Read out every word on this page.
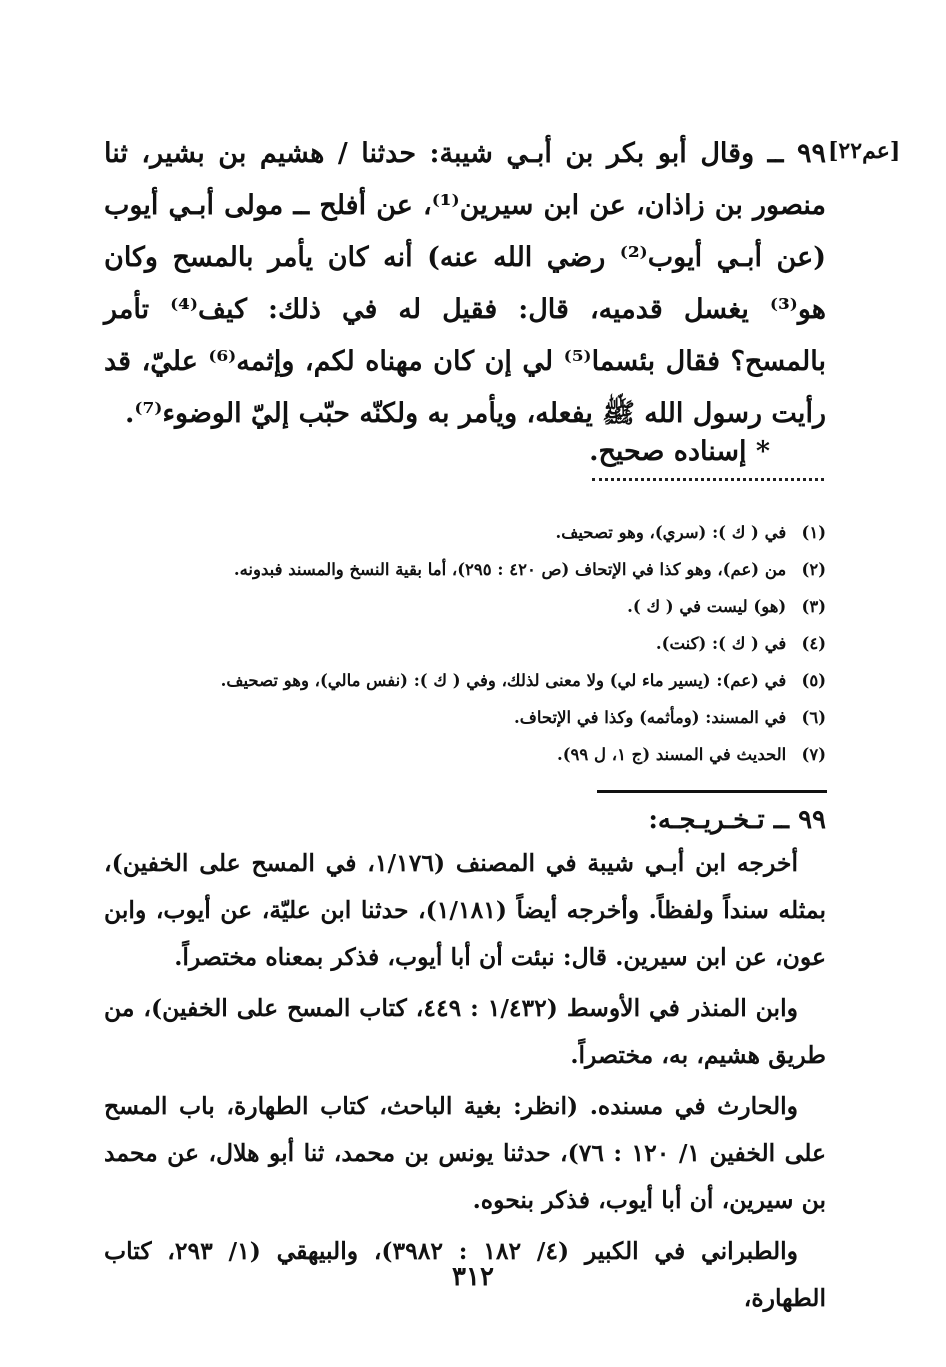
[عم٢٢]

٩٩ ــ وقال أبو بكر بن أبـي شيبة: حدثنا / هشيم بن بشير، ثنا منصور بن زاذان، عن ابن سيرين⁽¹⁾، عن أفلح ــ مولى أبـي أيوب (عن أبـي أيوب⁽²⁾ رضي الله عنه) أنه كان يأمر بالمسح وكان هو⁽³⁾ يغسل قدميه، قال: فقيل له في ذلك: كيف⁽⁴⁾ تأمر بالمسح؟ فقال بئسما⁽⁵⁾ لي إن كان مهناه لكم، وإثمه⁽⁶⁾ عليّ، قد رأيت رسول الله ﷺ يفعله، ويأمر به ولكنّه حبّب إليّ الوضوء⁽⁷⁾.

* إسناده صحيح.
(١) في ( ك ): (سري)، وهو تصحيف.
(٢) من (عم)، وهو كذا في الإتحاف (ص ٤٢٠ : ٢٩٥)، أما بقية النسخ والمسند فبدونه.
(٣) (هو) ليست في ( ك ).
(٤) في ( ك ): (كنت).
(٥) في (عم): (يسير ماء لي) ولا معنى لذلك، وفي ( ك ): (نفس مالي)، وهو تصحيف.
(٦) في المسند: (ومأثمه) وكذا في الإتحاف.
(٧) الحديث في المسند (ج ١، ل ٩٩).
٩٩ ــ تـخـريـجـه:

أخرجه ابن أبـي شيبة في المصنف (١/١٧٦، في المسح على الخفين)، بمثله سنداً ولفظاً. وأخرجه أيضاً (١/١٨١)، حدثنا ابن عليّة، عن أيوب، وابن عون، عن ابن سيرين. قال: نبئت أن أبا أيوب، فذكر بمعناه مختصراً.

وابن المنذر في الأوسط (١/٤٣٢ : ٤٤٩، كتاب المسح على الخفين)، من طريق هشيم، به، مختصراً.

والحارث في مسنده. (انظر: بغية الباحث، كتاب الطهارة، باب المسح على الخفين ١/ ١٢٠ : ٧٦)، حدثنا يونس بن محمد، ثنا أبو هلال، عن محمد بن سيرين، أن أبا أيوب، فذكر بنحوه.

والطبراني في الكبير (٤/ ١٨٢ : ٣٩٨٢)، والبيهقي (١/ ٢٩٣، كتاب الطهارة،

٣١٢
